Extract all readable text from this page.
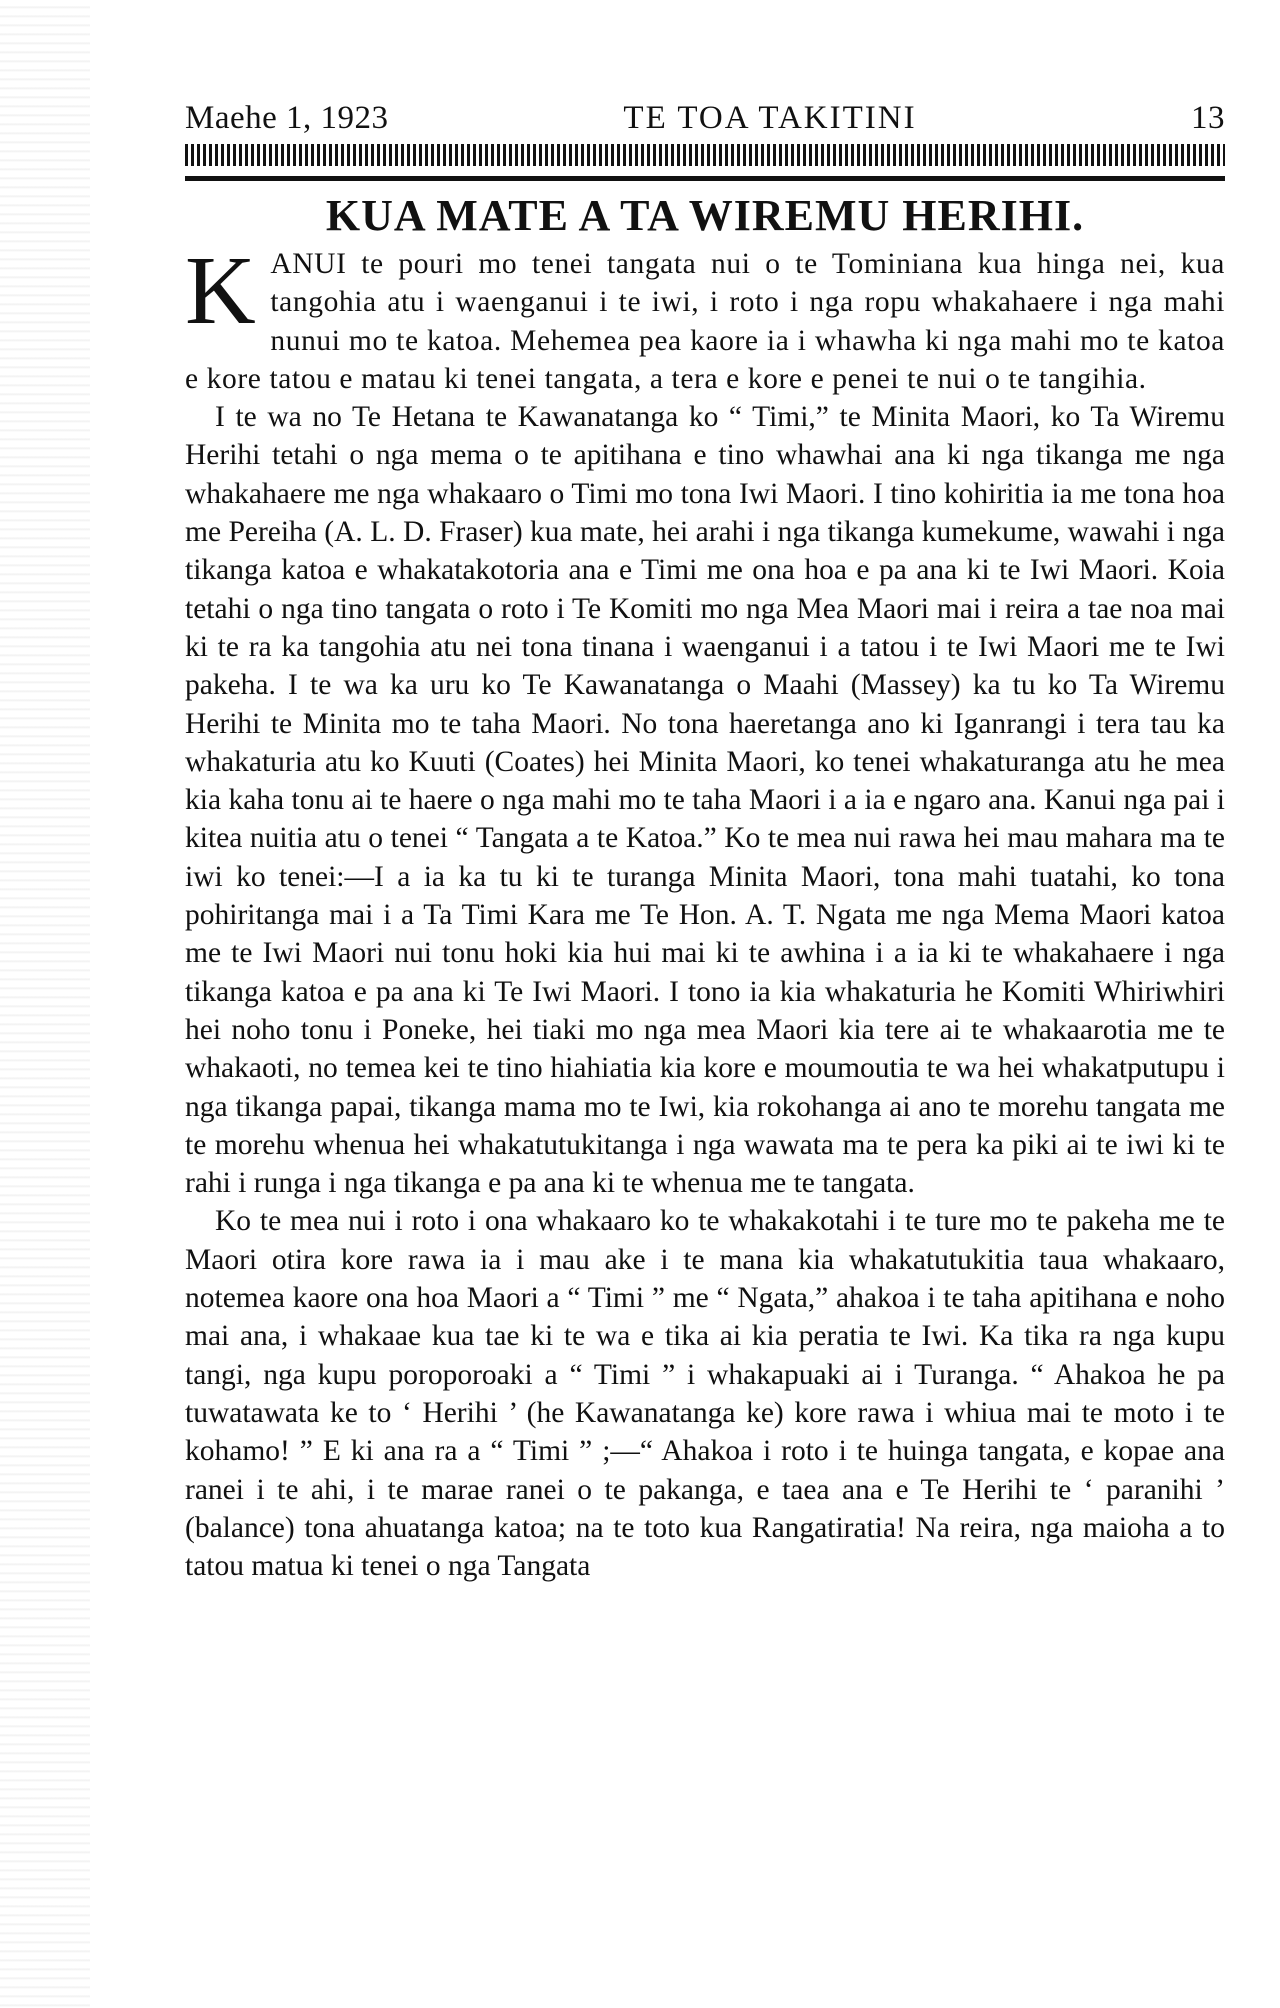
Maehe 1, 1923	TE TOA TAKITINI	13
KUA MATE A TA WIREMU HERIHI.

KANUI te pouri mo tenei tangata nui o te Tominiana kua hinga nei, kua tangohia atu i waenganui i te iwi, i roto i nga ropu whakahaere i nga mahi nunui mo te katoa. Mehemea pea kaore ia i whawha ki nga mahi mo te katoa e kore tatou e matau ki tenei tangata, a tera e kore e penei te nui o te tangihia.

I te wa no Te Hetana te Kawanatanga ko “ Timi,” te Minita Maori, ko Ta Wiremu Herihi tetahi o nga mema o te apitihana e tino whawhai ana ki nga tikanga me nga whakahaere me nga whakaaro o Timi mo tona Iwi Maori. I tino kohiritia ia me tona hoa me Pereiha (A. L. D. Fraser) kua mate, hei arahi i nga tikanga kumekume, wawahi i nga tikanga katoa e whakatakotoria ana e Timi me ona hoa e pa ana ki te Iwi Maori. Koia tetahi o nga tino tangata o roto i Te Komiti mo nga Mea Maori mai i reira a tae noa mai ki te ra ka tangohia atu nei tona tinana i waenganui i a tatou i te Iwi Maori me te Iwi pakeha. I te wa ka uru ko Te Kawanatanga o Maahi (Massey) ka tu ko Ta Wiremu Herihi te Minita mo te taha Maori. No tona haeretanga ano ki Iganrangi i tera tau ka whakaturia atu ko Kuuti (Coates) hei Minita Maori, ko tenei whakaturanga atu he mea kia kaha tonu ai te haere o nga mahi mo te taha Maori i a ia e ngaro ana. Kanui nga pai i kitea nuitia atu o tenei “ Tangata a te Katoa.” Ko te mea nui rawa hei mau mahara ma te iwi ko tenei:—I a ia ka tu ki te turanga Minita Maori, tona mahi tuatahi, ko tona pohiritanga mai i a Ta Timi Kara me Te Hon. A. T. Ngata me nga Mema Maori katoa me te Iwi Maori nui tonu hoki kia hui mai ki te awhina i a ia ki te whakahaere i nga tikanga katoa e pa ana ki Te Iwi Maori. I tono ia kia whakaturia he Komiti Whiriwhiri hei noho tonu i Poneke, hei tiaki mo nga mea Maori kia tere ai te whakaarotia me te whakaoti, no temea kei te tino hiahiatia kia kore e moumoutia te wa hei whakatputupu i nga tikanga papai, tikanga mama mo te Iwi, kia rokohanga ai ano te morehu tangata me te morehu whenua hei whakatutukitanga i nga wawata ma te pera ka piki ai te iwi ki te rahi i runga i nga tikanga e pa ana ki te whenua me te tangata.

Ko te mea nui i roto i ona whakaaro ko te whakakotahi i te ture mo te pakeha me te Maori otira kore rawa ia i mau ake i te mana kia whakatutukitia taua whakaaro, notemea kaore ona hoa Maori a “ Timi ” me “ Ngata,” ahakoa i te taha apitihana e noho mai ana, i whakaae kua tae ki te wa e tika ai kia peratia te Iwi. Ka tika ra nga kupu tangi, nga kupu poroporoaki a “ Timi ” i whakapuaki ai i Turanga. “ Ahakoa he pa tuwatawata ke to ‘ Herihi ’ (he Kawanatanga ke) kore rawa i whiua mai te moto i te kohamo! ” E ki ana ra a “ Timi ” ;—“ Ahakoa i roto i te huinga tangata, e kopae ana ranei i te ahi, i te marae ranei o te pakanga, e taea ana e Te Herihi te ‘ paranihi ’ (balance) tona ahuatanga katoa; na te toto kua Rangatiratia! Na reira, nga maioha a to tatou matua ki tenei o nga Tangata
